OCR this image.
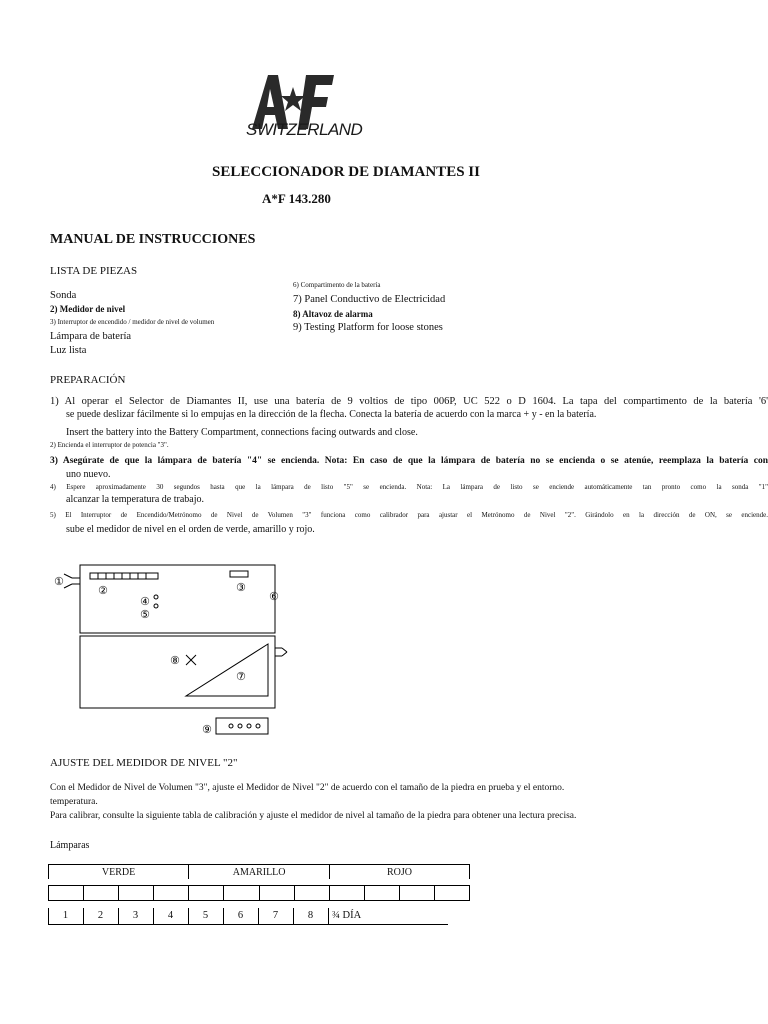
SWITZERLAND
SELECCIONADOR DE DIAMANTES II
A*F 143.280
MANUAL DE INSTRUCCIONES
LISTA DE PIEZAS
Sonda
2) Medidor de nivel
3) Interruptor de encendido / medidor de nivel de volumen
Lámpara de batería
Luz lista
6) Compartimento de la batería
7) Panel Conductivo de Electricidad
8) Altavoz de alarma
9) Testing Platform for loose stones
PREPARACIÓN
1) Al operar el Selector de Diamantes II, use una batería de 9 voltios de tipo 006P, UC 522 o D 1604. La tapa del compartimento de la batería '6'
se puede deslizar fácilmente si lo empujas en la dirección de la flecha. Conecta la batería de acuerdo con la marca + y - en la batería.
Insert the battery into the Battery Compartment, connections facing outwards and close.
2) Encienda el interruptor de potencia "3".
3) Asegúrate de que la lámpara de batería "4" se encienda. Nota: En caso de que la lámpara de batería no se encienda o se atenúe, reemplaza la batería con
uno nuevo.
4) Espere aproximadamente 30 segundos hasta que la lámpara de listo "5" se encienda. Nota: La lámpara de listo se enciende automáticamente tan pronto como la sonda "1"
alcanzar la temperatura de trabajo.
5) El Interruptor de Encendido/Metrónomo de Nivel de Volumen "3" funciona como calibrador para ajustar el Metrónomo de Nivel "2". Girándolo en la dirección de ON, se enciende.
sube el medidor de nivel en el orden de verde, amarillo y rojo.
①
②	③
④
⑤
⑥
⑦
⑧
⑨
AJUSTE DEL MEDIDOR DE NIVEL "2"
Con el Medidor de Nivel de Volumen "3", ajuste el Medidor de Nivel "2" de acuerdo con el tamaño de la piedra en prueba y el entorno.
temperatura.
Para calibrar, consulte la siguiente tabla de calibración y ajuste el medidor de nivel al tamaño de la piedra para obtener una lectura precisa.
Lámparas
VERDE				AMARILLO				ROJO			

1	2	3	4	5	6	7	8	¾ DÍA
